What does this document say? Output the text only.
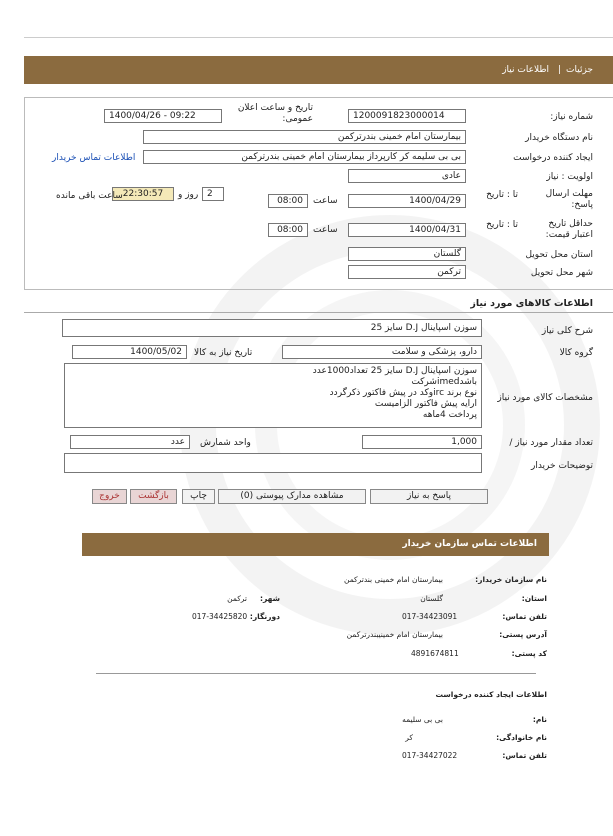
جزئیات
|
اطلاعات نیاز
شماره نیاز:
1200091823000014
تاریخ و ساعت اعلان عمومی:
1400/04/26 - 09:22
نام دستگاه خریدار
بیمارستان امام خمینی بندرترکمن
ایجاد کننده درخواست
بی بی سلیمه کر کارپرداز بیمارستان امام خمینی بندرترکمن
اطلاعات تماس خریدار
اولویت : نیاز
عادی
مهلت ارسال پاسخ:
تا : تاریخ
1400/04/29
ساعت
08:00
2
روز و
22:30:57
ساعت باقی مانده
حداقل تاریخ اعتبار قیمت:
تا : تاریخ
1400/04/31
ساعت
08:00
استان محل تحویل
گلستان
شهر محل تحویل
ترکمن
اطلاعات کالاهای مورد نیاز
شرح کلی نیاز
سوزن اسپاینال D.J سایز 25
گروه کالا
دارو، پزشکی و سلامت
تاریخ نیاز به کالا
1400/05/02
مشخصات کالای مورد نیاز
سوزن اسپاینال D.J سایز 25 تعداد1000عدد
باشدimedشرکت
نوع برند ircوکد در پیش فاکتور ذکرگردد
ارایه پیش فاکتور الزامیست
پرداخت 4ماهه
تعداد مقدار مورد نیاز /
1,000
واحد شمارش
عدد
توضیحات خریدار
پاسخ به نیاز
مشاهده مدارک پیوستی (0)
چاپ
بازگشت
خروج
اطلاعات تماس سازمان خریدار
نام سازمان خریدار:
بیمارستان امام خمینی بندترکمن
استان:
گلستان
شهر:
ترکمن
تلفن تماس:
017-34423091
دورنگار:
017-34425820
آدرس پستی:
بیمارستان امام خمینیبندرترکمن
کد پستی:
4891674811
اطلاعات ایجاد کننده درخواست
نام:
بی بی سلیمه
نام خانوادگی:
کر
تلفن تماس:
017-34427022
